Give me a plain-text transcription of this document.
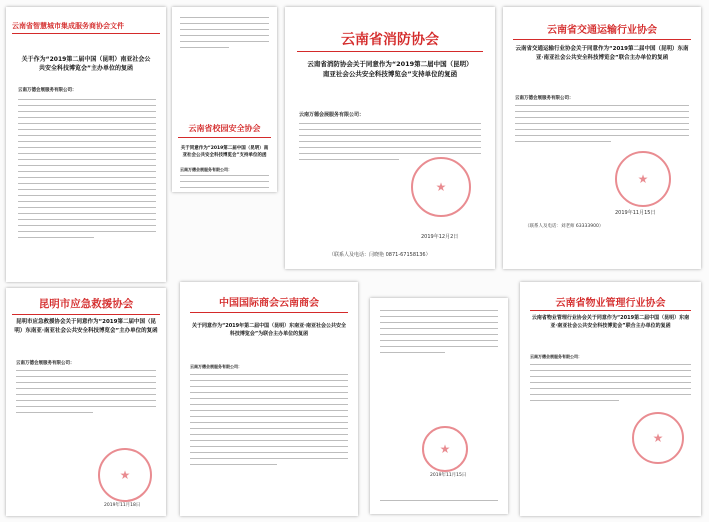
云南省智慧城市集成服务商协会文件
关于作为“2019第二届中国（昆明）南亚社会公共安全科技博览会”主办单位的复函
云南万德会展服务有限公司：
云南省校园安全协会
关于同意作为“2019第二届中国（昆明）南亚社会公共安全科技博览会”支持单位的函
云南万德会展服务有限公司：
云南省消防协会
云南省消防协会关于同意作为“2019第二届中国（昆明）南亚社会公共安全科技博览会”支持单位的复函
云南万德会展服务有限公司：
★
2019年12月2日
（联系人及电话：闫晓艳 0871-67158136）
云南省交通运输行业协会
云南省交通运输行业协会关于同意作为“2019第二届中国（昆明）东南亚·南亚社会公共安全科技博览会”联合主办单位的复函
云南万德会展服务有限公司：
★
2019年11月15日
（联系人及电话：刘老师 63333900）
昆明市应急救援协会
昆明市应急救援协会关于同意作为“2019第二届中国（昆明）东南亚·南亚社会公共安全科技博览会”主办单位的复函
云南万德会展服务有限公司：
★
2019年11月18日
中国国际商会云南商会
关于同意作为“2019年第二届中国（昆明）东南亚·南亚社会公共安全科技博览会”为联合主办单位的复函
云南万德会展服务有限公司：
★
2019年11月15日
云南省物业管理行业协会
云南省物业管理行业协会关于同意作为“2019第二届中国（昆明）东南亚·南亚社会公共安全科技博览会”联合主办单位的复函
云南万德会展服务有限公司：
★
